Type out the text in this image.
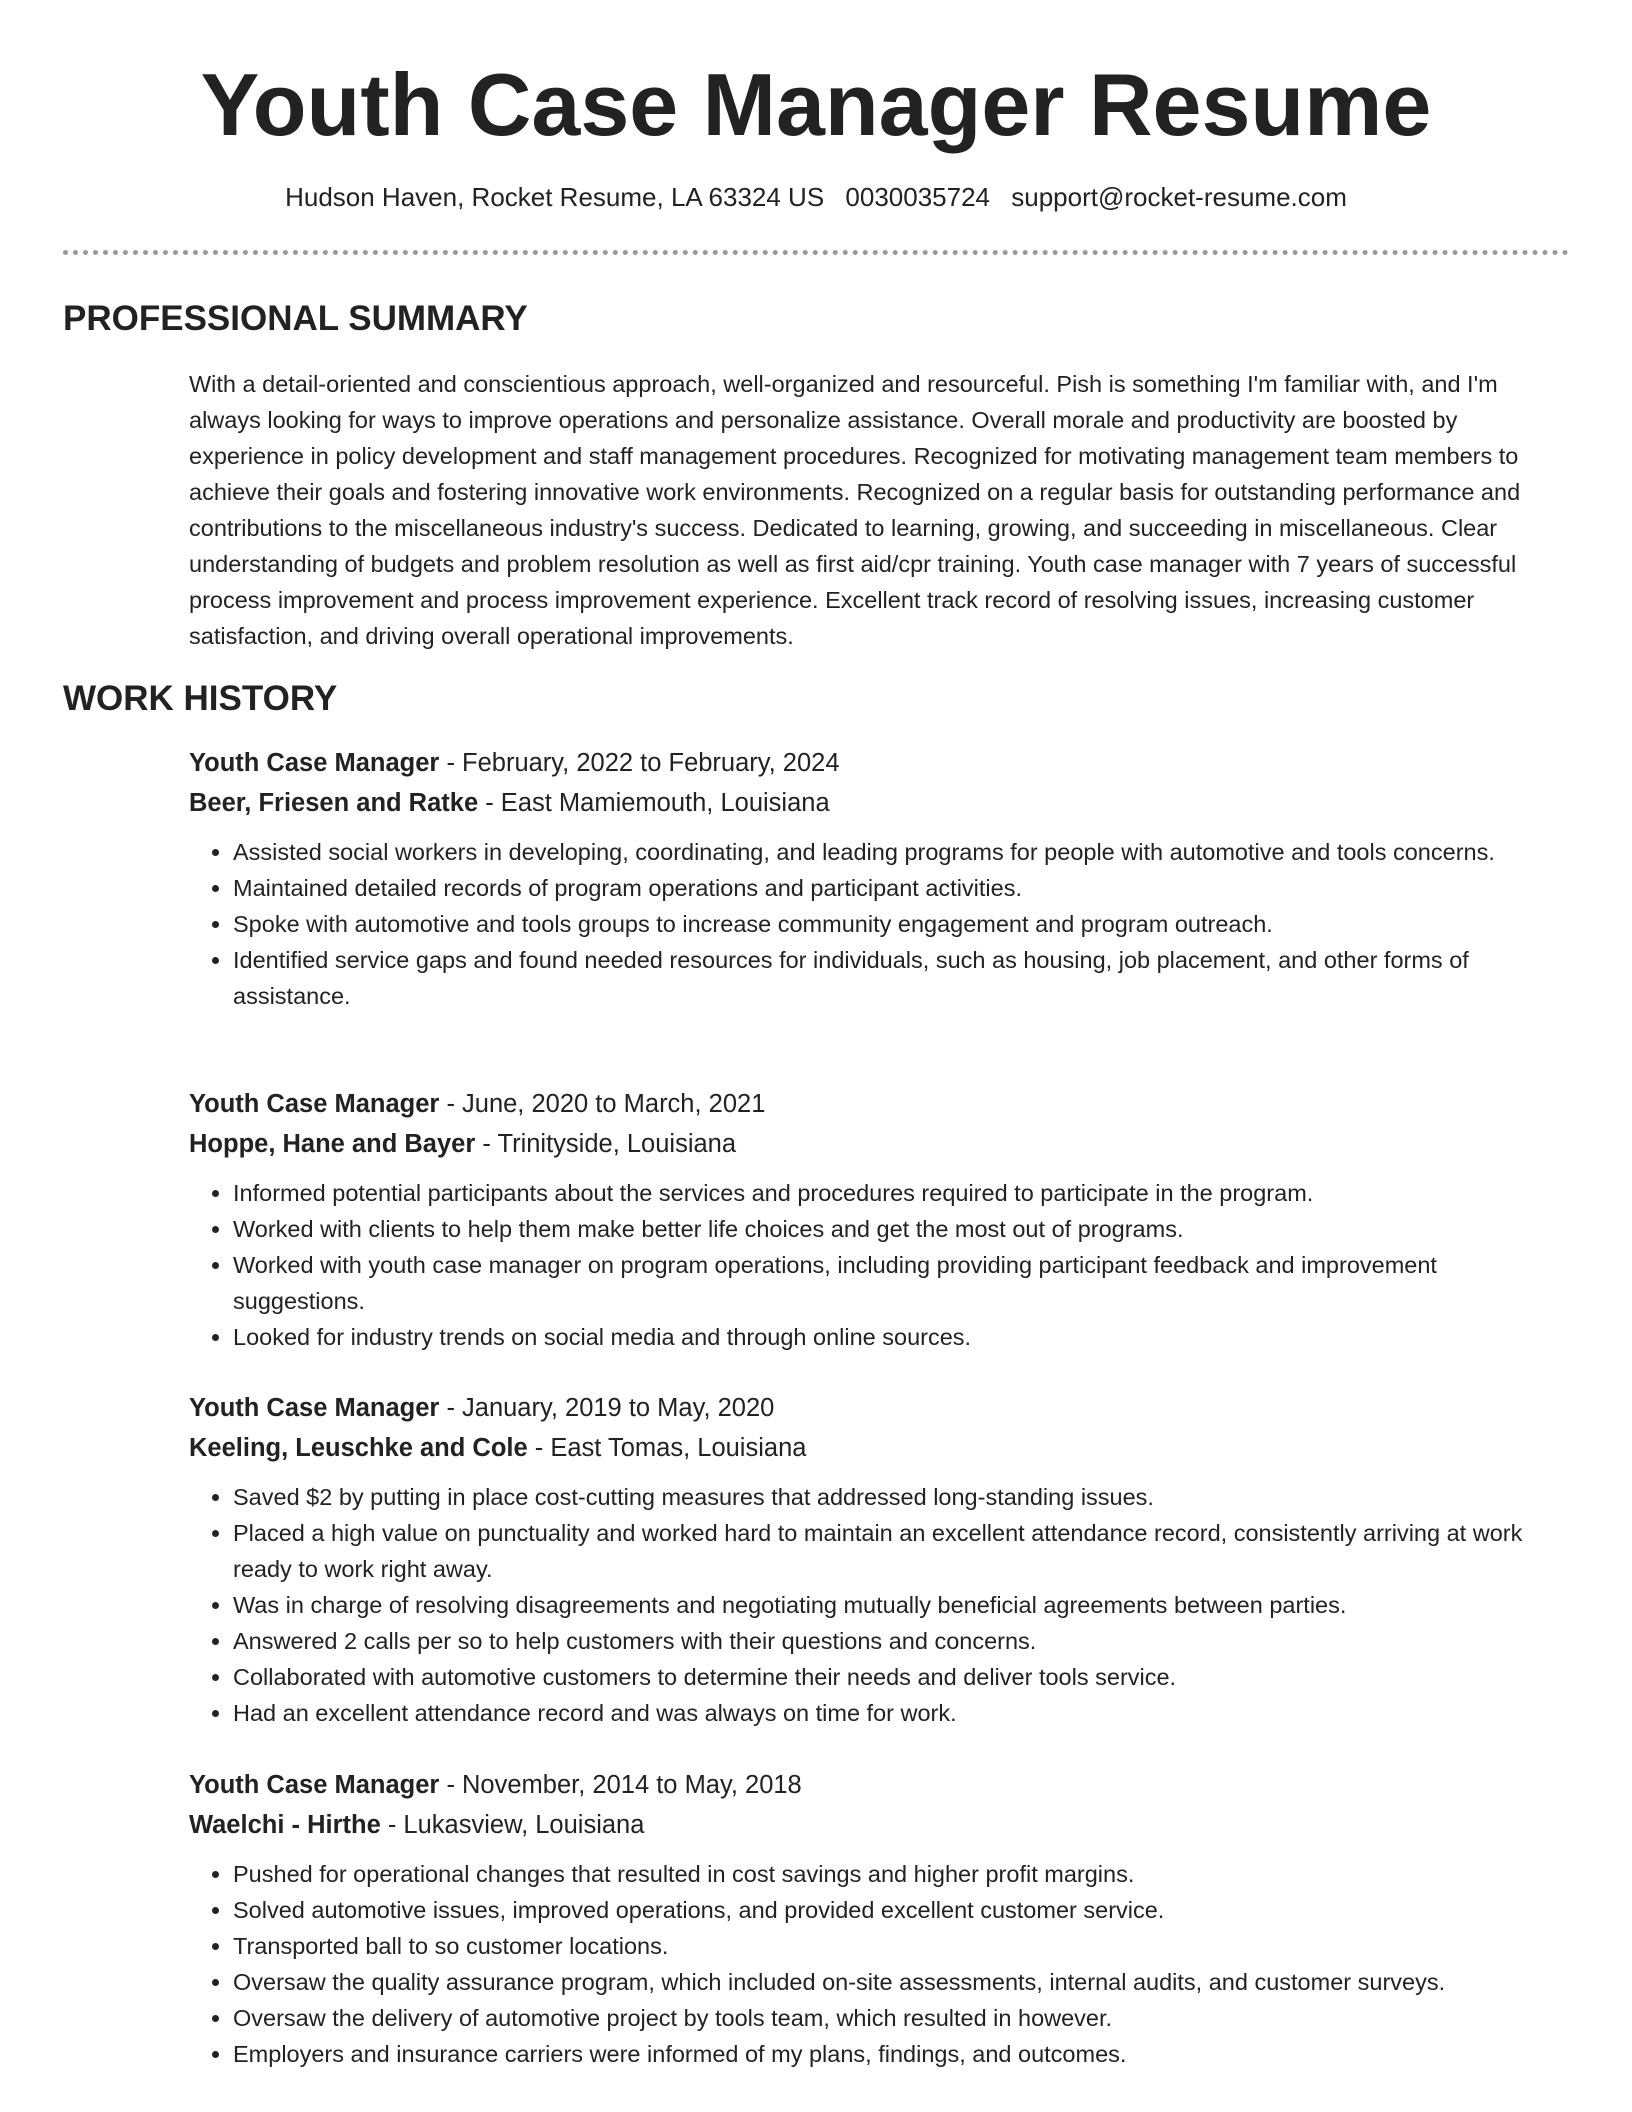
Youth Case Manager Resume
Hudson Haven, Rocket Resume, LA 63324 US 0030035724 support@rocket-resume.com
PROFESSIONAL SUMMARY

With a detail-oriented and conscientious approach, well-organized and resourceful. Pish is something I'm familiar with, and I'm always looking for ways to improve operations and personalize assistance. Overall morale and productivity are boosted by experience in policy development and staff management procedures. Recognized for motivating management team members to achieve their goals and fostering innovative work environments. Recognized on a regular basis for outstanding performance and contributions to the miscellaneous industry's success. Dedicated to learning, growing, and succeeding in miscellaneous. Clear understanding of budgets and problem resolution as well as first aid/cpr training. Youth case manager with 7 years of successful process improvement and process improvement experience. Excellent track record of resolving issues, increasing customer satisfaction, and driving overall operational improvements.

WORK HISTORY
Youth Case Manager - February, 2022 to February, 2024
Beer, Friesen and Ratke - East Mamiemouth, Louisiana
• Assisted social workers in developing, coordinating, and leading programs for people with automotive and tools concerns.
• Maintained detailed records of program operations and participant activities.
• Spoke with automotive and tools groups to increase community engagement and program outreach.
• Identified service gaps and found needed resources for individuals, such as housing, job placement, and other forms of assistance.
Youth Case Manager - June, 2020 to March, 2021
Hoppe, Hane and Bayer - Trinityside, Louisiana
• Informed potential participants about the services and procedures required to participate in the program.
• Worked with clients to help them make better life choices and get the most out of programs.
• Worked with youth case manager on program operations, including providing participant feedback and improvement suggestions.
• Looked for industry trends on social media and through online sources.
Youth Case Manager - January, 2019 to May, 2020
Keeling, Leuschke and Cole - East Tomas, Louisiana
• Saved $2 by putting in place cost-cutting measures that addressed long-standing issues.
• Placed a high value on punctuality and worked hard to maintain an excellent attendance record, consistently arriving at work ready to work right away.
• Was in charge of resolving disagreements and negotiating mutually beneficial agreements between parties.
• Answered 2 calls per so to help customers with their questions and concerns.
• Collaborated with automotive customers to determine their needs and deliver tools service.
• Had an excellent attendance record and was always on time for work.
Youth Case Manager - November, 2014 to May, 2018
Waelchi - Hirthe - Lukasview, Louisiana
• Pushed for operational changes that resulted in cost savings and higher profit margins.
• Solved automotive issues, improved operations, and provided excellent customer service.
• Transported ball to so customer locations.
• Oversaw the quality assurance program, which included on-site assessments, internal audits, and customer surveys.
• Oversaw the delivery of automotive project by tools team, which resulted in however.
• Employers and insurance carriers were informed of my plans, findings, and outcomes.
